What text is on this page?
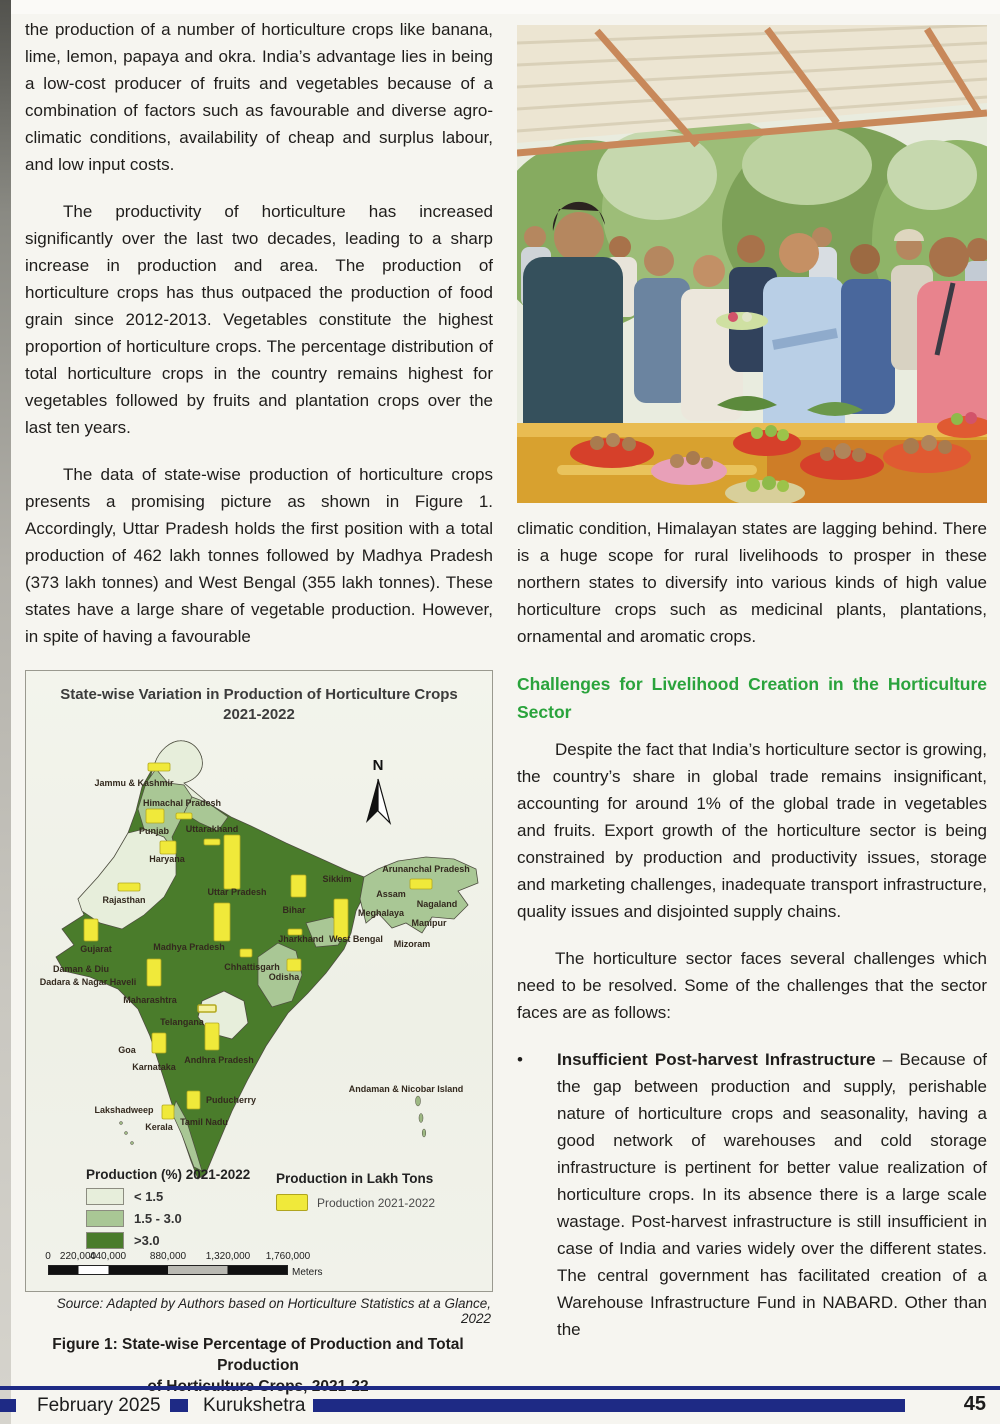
the production of a number of horticulture crops like banana, lime, lemon, papaya and okra. India’s advantage lies in being a low-cost producer of fruits and vegetables because of a combination of factors such as favourable and diverse agro-climatic conditions, availability of cheap and surplus labour, and low input costs.

The productivity of horticulture has increased significantly over the last two decades, leading to a sharp increase in production and area. The production of horticulture crops has thus outpaced the production of food grain since 2012-2013. Vegetables constitute the highest proportion of horticulture crops. The percentage distribution of total horticulture crops in the country remains highest for vegetables followed by fruits and plantation crops over the last ten years.

The data of state-wise production of horticulture crops presents a promising picture as shown in Figure 1. Accordingly, Uttar Pradesh holds the first position with a total production of 462 lakh tonnes followed by Madhya Pradesh (373 lakh tonnes) and West Bengal (355 lakh tonnes). These states have a large share of vegetable production. However, in spite of having a favourable

Jammu & Kashmir
Himachal Pradesh
Punjab Uttarakhand
Haryana
Rajasthan
Uttar Pradesh
Sikkim
Arunanchal Pradesh
Assam
Nagaland
Bihar	Meghalaya
Manipur
Jharkhand West Bengal Mizoram
Gujarat	Madhya Pradesh
Chhattisgarh
Odisha
Daman & Diu
Dadara & Nagar Haveli
Maharashtra
Telangana
Goa
Karnataka
Andhra Pradesh
Andaman & Nicobar Island
Puducherry
Lakshadweep
Tamil Nadu
Kerala
State-wise Variation in Production of Horticulture Crops
2021-2022
N
Production (%) 2021-2022
< 1.5
1.5 - 3.0
>3.0
Production in Lakh Tons
Production 2021-2022
0 220,000
440,000 880,000 1,320,000 1,760,000
Meters
Source: Adapted by Authors based on Horticulture Statistics at a Glance, 2022
Figure 1: State-wise Percentage of Production and Total Production

climatic condition, Himalayan states are lagging behind. There is a huge scope for rural livelihoods to prosper in these northern states to diversify into various kinds of high value horticulture crops such as medicinal plants, plantations, ornamental and aromatic crops.

Challenges for Livelihood Creation in the Horticulture Sector

Despite the fact that India’s horticulture sector is growing, the country’s share in global trade remains insignificant, accounting for around 1% of the global trade in vegetables and fruits. Export growth of the horticulture sector is being constrained by production and productivity issues, storage and marketing challenges, inadequate transport infrastructure, quality issues and disjointed supply chains.

The horticulture sector faces several challenges which need to be resolved. Some of the challenges that the sector faces are as follows:

•	Insufficient Post-harvest Infrastructure – Because of the gap between production and supply, perishable nature of horticulture crops and seasonality, having a good network of warehouses and cold storage infrastructure is pertinent for better value realization of horticulture crops. In its absence there is a large scale wastage. Post-harvest infrastructure is still insufficient in case of India and varies widely over the different states. The central government has facilitated creation of a Warehouse Infrastructure Fund in NABARD. Other than the
February 2025 Kurukshetra	45
